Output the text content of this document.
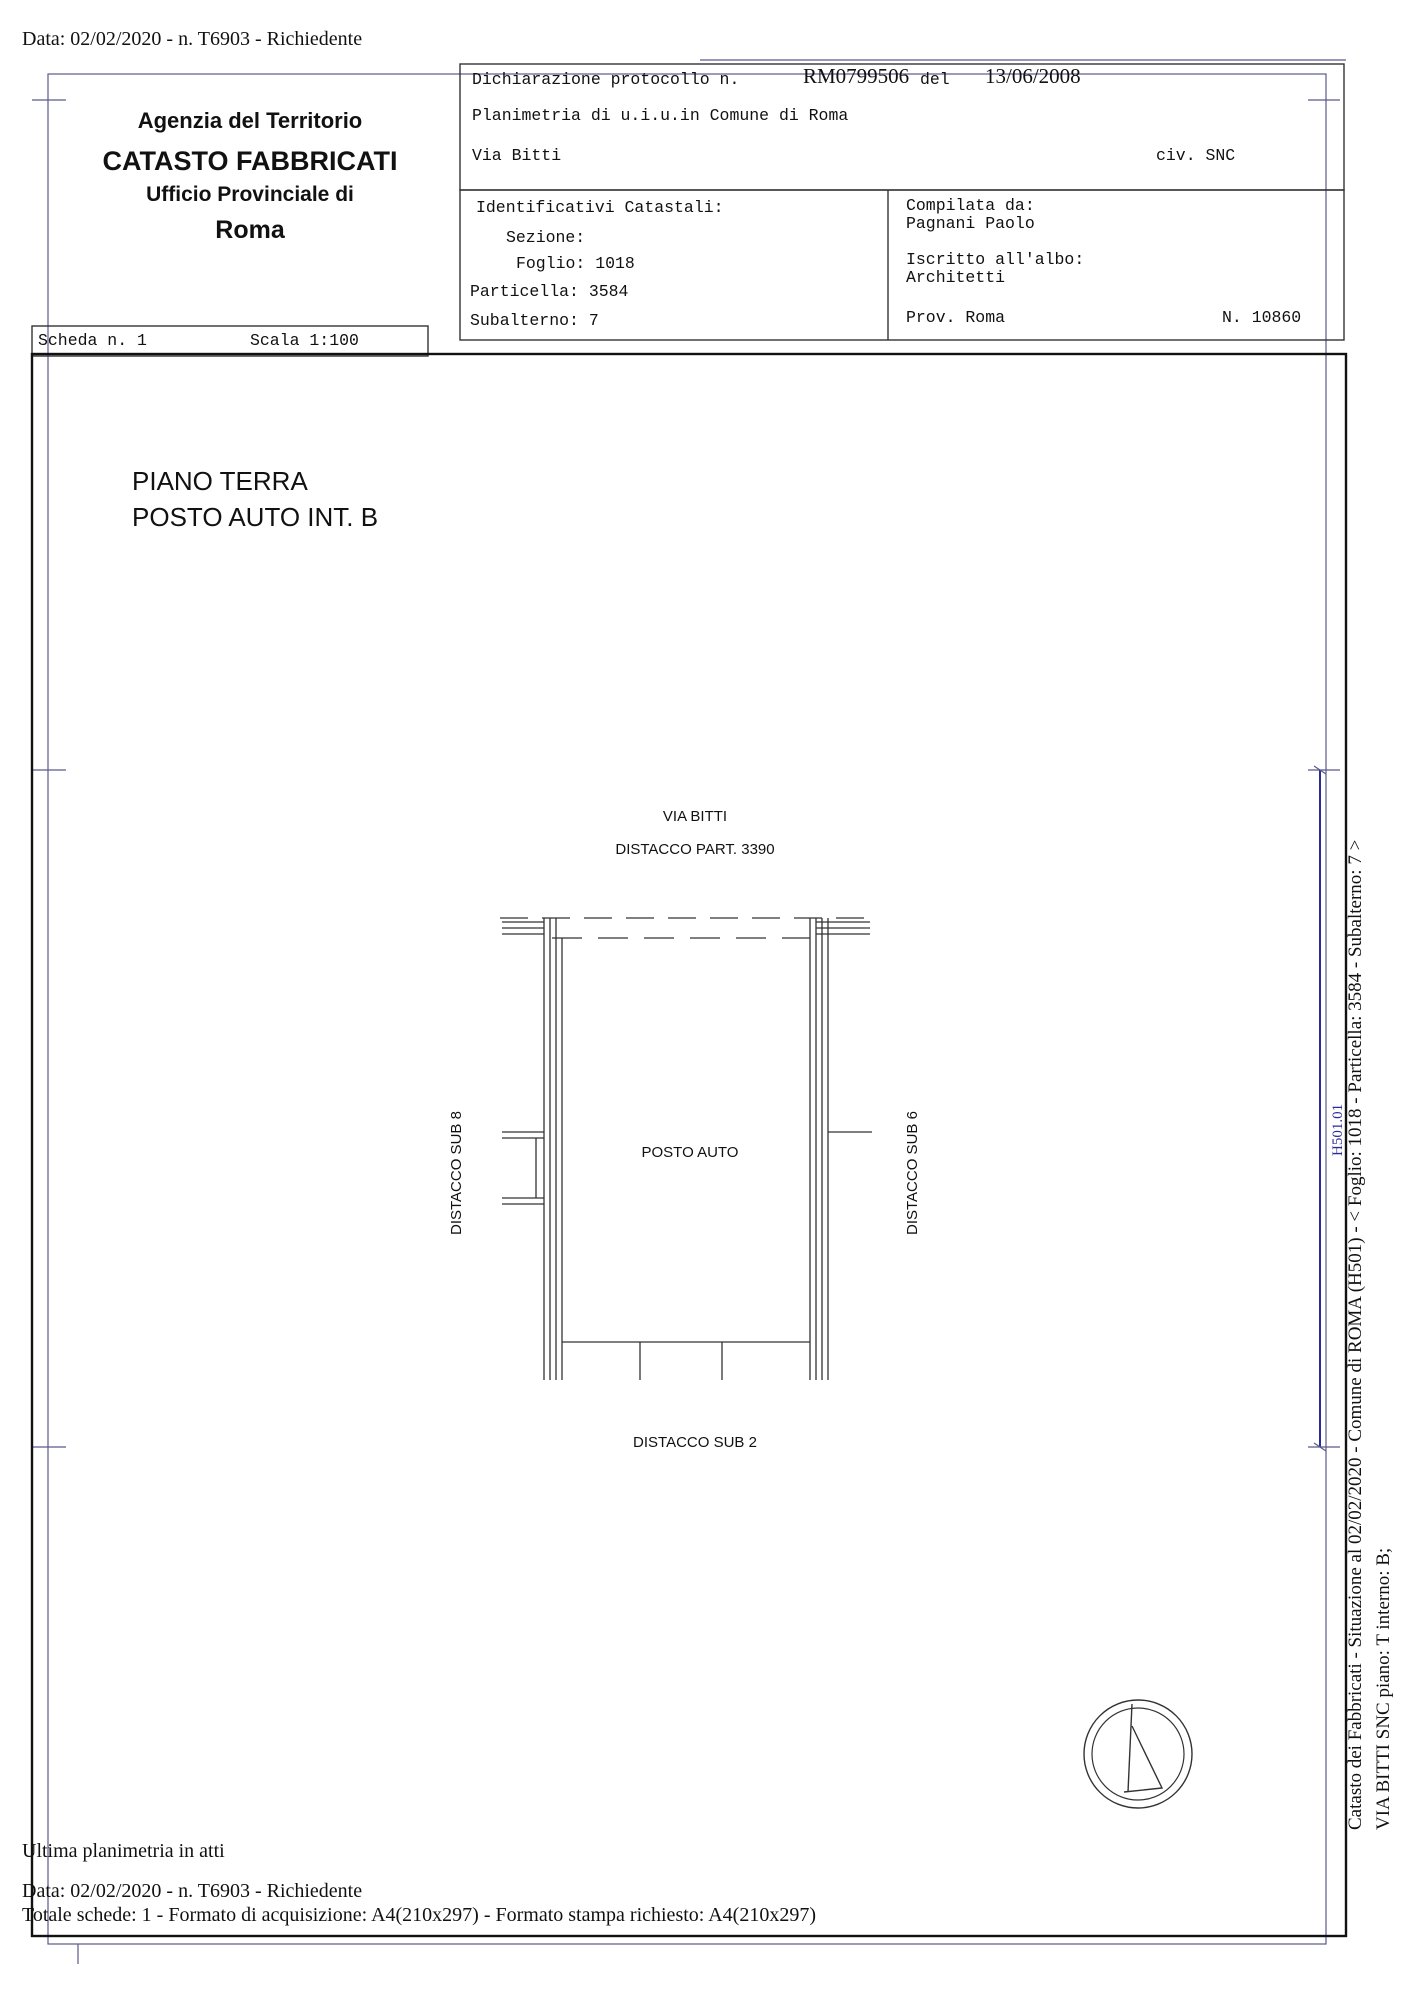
Data: 02/02/2020 - n. T6903 - Richiedente
Agenzia del Territorio
CATASTO FABBRICATI
Ufficio Provinciale di
Roma
Dichiarazione protocollo n.	RM0799506 del 13/06/2008
Planimetria di u.i.u.in Comune di Roma
Via Bitti	civ. SNC
Identificativi Catastali:
Sezione:
Foglio: 1018
Particella: 3584
Subalterno: 7
Compilata da:
Pagnani Paolo
Iscritto all'albo:
Architetti
Prov. Roma	N. 10860
Scheda n. 1	Scala 1:100
PIANO TERRA
POSTO AUTO INT. B
VIA BITTI
DISTACCO PART. 3390
POSTO AUTO
DISTACCO SUB 8	DISTACCO SUB 6
DISTACCO SUB 2	Catasto dei Fabbricati - Situazione al 02/02/2020 - Comune di ROMA (H501) - < Foglio: 1018 - Particella: 3584 - Subalterno: 7 > VIA BITTI SNC piano: T interno: B;
H501.01
Ultima planimetria in atti
Data: 02/02/2020 - n. T6903 - Richiedente
Totale schede: 1 - Formato di acquisizione: A4(210x297) - Formato stampa richiesto: A4(210x297)
